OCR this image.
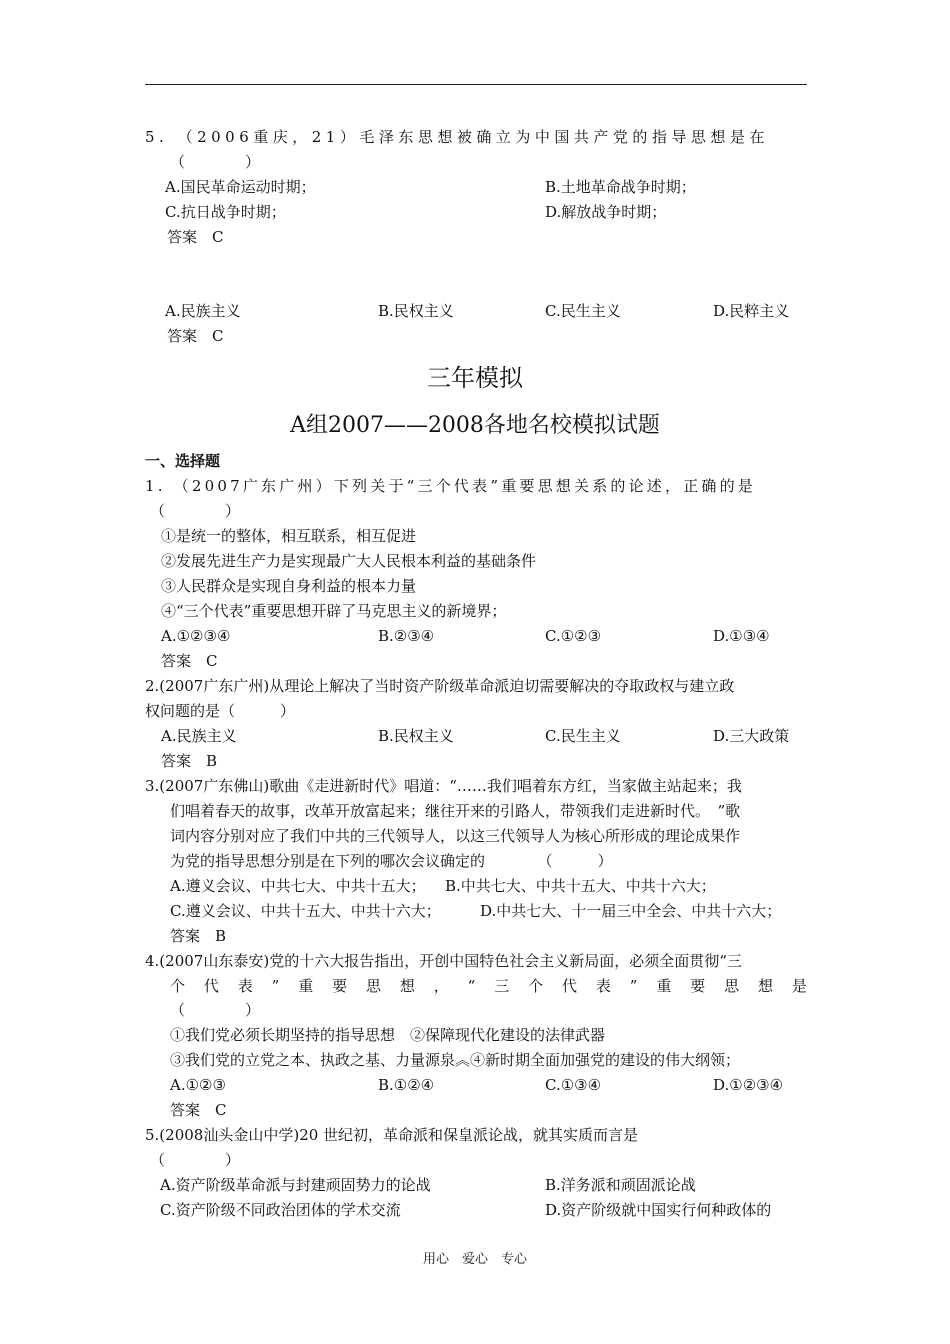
5. （2006重庆，21）毛泽东思想被确立为中国共产党的指导思想是在
（　　　　）
A.国民革命运动时期；	B.土地革命战争时期；
C.抗日战争时期；	D.解放战争时期；
答案　C
A.民族主义	B.民权主义	C.民生主义	D.民粹主义
答案　C
三年模拟
A组2007——2008各地名校模拟试题
一、选择题
1. （2007广东广州）下列关于“三个代表”重要思想关系的论述，正确的是
（　　　　）
①是统一的整体，相互联系，相互促进
②发展先进生产力是实现最广大人民根本利益的基础条件
③人民群众是实现自身利益的根本力量
④“三个代表”重要思想开辟了马克思主义的新境界；
A.①②③④	B.②③④	C.①②③	D.①③④
答案　C
2.(2007广东广州)从理论上解决了当时资产阶级革命派迫切需要解决的夺取政权与建立政
权问题的是（　　　）
A.民族主义	B.民权主义	C.民生主义	D.三大政策
答案　B
3.(2007广东佛山)歌曲《走进新时代》唱道：“……我们唱着东方红，当家做主站起来；我
们唱着春天的故事，改革开放富起来；继往开来的引路人，带领我们走进新时代。　”歌
词内容分别对应了我们中共的三代领导人，以这三代领导人为核心所形成的理论成果作
为党的指导思想分别是在下列的哪次会议确定的　　　　（　　　）
A.遵义会议、中共七大、中共十五大； B.中共七大、中共十五大、中共十六大；
C.遵义会议、中共十五大、中共十六大；	D.中共七大、十一届三中全会、中共十六大；
答案　B
4.(2007山东泰安)党的十六大报告指出，开创中国特色社会主义新局面，必须全面贯彻“三
个 代 表 ” 重 要 思 想 ， “ 三 个 代 表 ” 重 要 思 想 是
（　　　　）
①我们党必须长期坚持的指导思想　②保障现代化建设的法律武器
③我们党的立党之本、执政之基、力量源泉︽④新时期全面加强党的建设的伟大纲领；
A.①②③	B.①②④	C.①③④	D.①②③④
答案　C
5.(2008汕头金山中学)20 世纪初，革命派和保皇派论战，就其实质而言是
（　　　　）
A.资产阶级革命派与封建顽固势力的论战	B.洋务派和顽固派论战
C.资产阶级不同政治团体的学术交流	D.资产阶级就中国实行何种政体的
用心　爱心　专心
